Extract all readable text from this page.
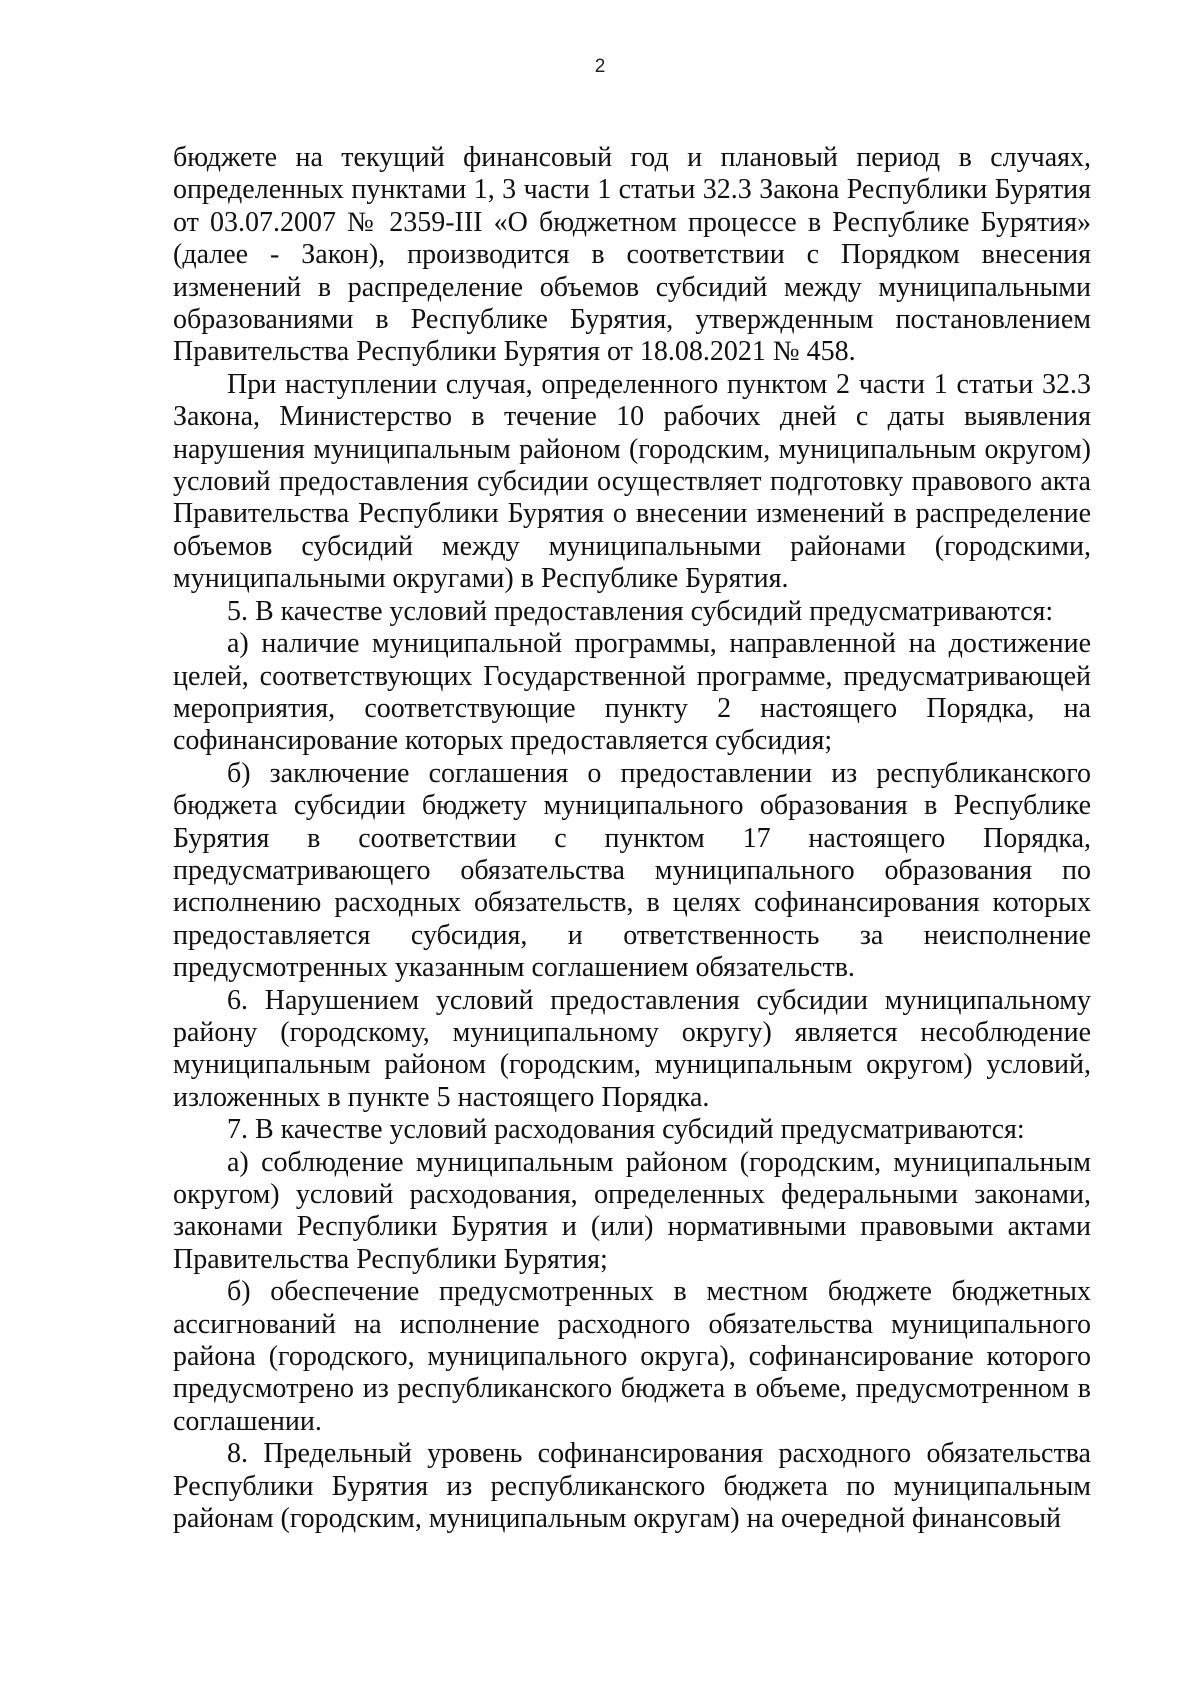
2

бюджете на текущий финансовый год и плановый период в случаях, определенных пунктами 1, 3 части 1 статьи 32.3 Закона Республики Бурятия от 03.07.2007 № 2359-III «О бюджетном процессе в Республике Бурятия» (далее - Закон), производится в соответствии с Порядком внесения изменений в распределение объемов субсидий между муниципальными образованиями в Республике Бурятия, утвержденным постановлением Правительства Республики Бурятия от 18.08.2021 № 458.

При наступлении случая, определенного пунктом 2 части 1 статьи 32.3 Закона, Министерство в течение 10 рабочих дней с даты выявления нарушения муниципальным районом (городским, муниципальным округом) условий предоставления субсидии осуществляет подготовку правового акта Правительства Республики Бурятия о внесении изменений в распределение объемов субсидий между муниципальными районами (городскими, муниципальными округами) в Республике Бурятия.

5. В качестве условий предоставления субсидий предусматриваются:

а) наличие муниципальной программы, направленной на достижение целей, соответствующих Государственной программе, предусматривающей мероприятия, соответствующие пункту 2 настоящего Порядка, на софинансирование которых предоставляется субсидия;

б) заключение соглашения о предоставлении из республиканского бюджета субсидии бюджету муниципального образования в Республике Бурятия в соответствии с пунктом 17 настоящего Порядка, предусматривающего обязательства муниципального образования по исполнению расходных обязательств, в целях софинансирования которых предоставляется субсидия, и ответственность за неисполнение предусмотренных указанным соглашением обязательств.

6. Нарушением условий предоставления субсидии муниципальному району (городскому, муниципальному округу) является несоблюдение муниципальным районом (городским, муниципальным округом) условий, изложенных в пункте 5 настоящего Порядка.

7. В качестве условий расходования субсидий предусматриваются:

а) соблюдение муниципальным районом (городским, муниципальным округом) условий расходования, определенных федеральными законами, законами Республики Бурятия и (или) нормативными правовыми актами Правительства Республики Бурятия;

б) обеспечение предусмотренных в местном бюджете бюджетных ассигнований на исполнение расходного обязательства муниципального района (городского, муниципального округа), софинансирование которого предусмотрено из республиканского бюджета в объеме, предусмотренном в соглашении.

8. Предельный уровень софинансирования расходного обязательства Республики Бурятия из республиканского бюджета по муниципальным районам (городским, муниципальным округам) на очередной финансовый
